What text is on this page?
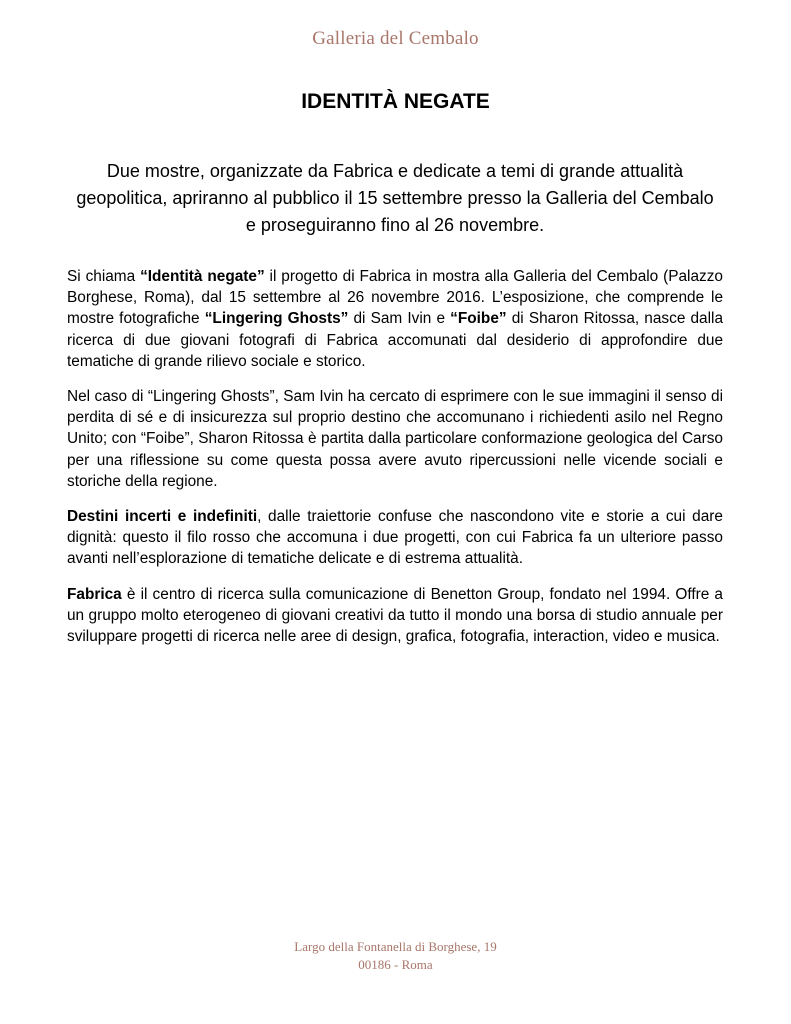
Galleria del Cembalo
IDENTITÀ NEGATE
Due mostre, organizzate da Fabrica e dedicate a temi di grande attualità geopolitica, apriranno al pubblico il 15 settembre presso la Galleria del Cembalo e proseguiranno fino al 26 novembre.

Si chiama “Identità negate” il progetto di Fabrica in mostra alla Galleria del Cembalo (Palazzo Borghese, Roma), dal 15 settembre al 26 novembre 2016. L’esposizione, che comprende le mostre fotografiche “Lingering Ghosts” di Sam Ivin e “Foibe” di Sharon Ritossa, nasce dalla ricerca di due giovani fotografi di Fabrica accomunati dal desiderio di approfondire due tematiche di grande rilievo sociale e storico.

Nel caso di “Lingering Ghosts”, Sam Ivin ha cercato di esprimere con le sue immagini il senso di perdita di sé e di insicurezza sul proprio destino che accomunano i richiedenti asilo nel Regno Unito; con “Foibe”, Sharon Ritossa è partita dalla particolare conformazione geologica del Carso per una riflessione su come questa possa avere avuto ripercussioni nelle vicende sociali e storiche della regione.

Destini incerti e indefiniti, dalle traiettorie confuse che nascondono vite e storie a cui dare dignità: questo il filo rosso che accomuna i due progetti, con cui Fabrica fa un ulteriore passo avanti nell’esplorazione di tematiche delicate e di estrema attualità.

Fabrica è il centro di ricerca sulla comunicazione di Benetton Group, fondato nel 1994. Offre a un gruppo molto eterogeneo di giovani creativi da tutto il mondo una borsa di studio annuale per sviluppare progetti di ricerca nelle aree di design, grafica, fotografia, interaction, video e musica.

Largo della Fontanella di Borghese, 19
00186 - Roma
